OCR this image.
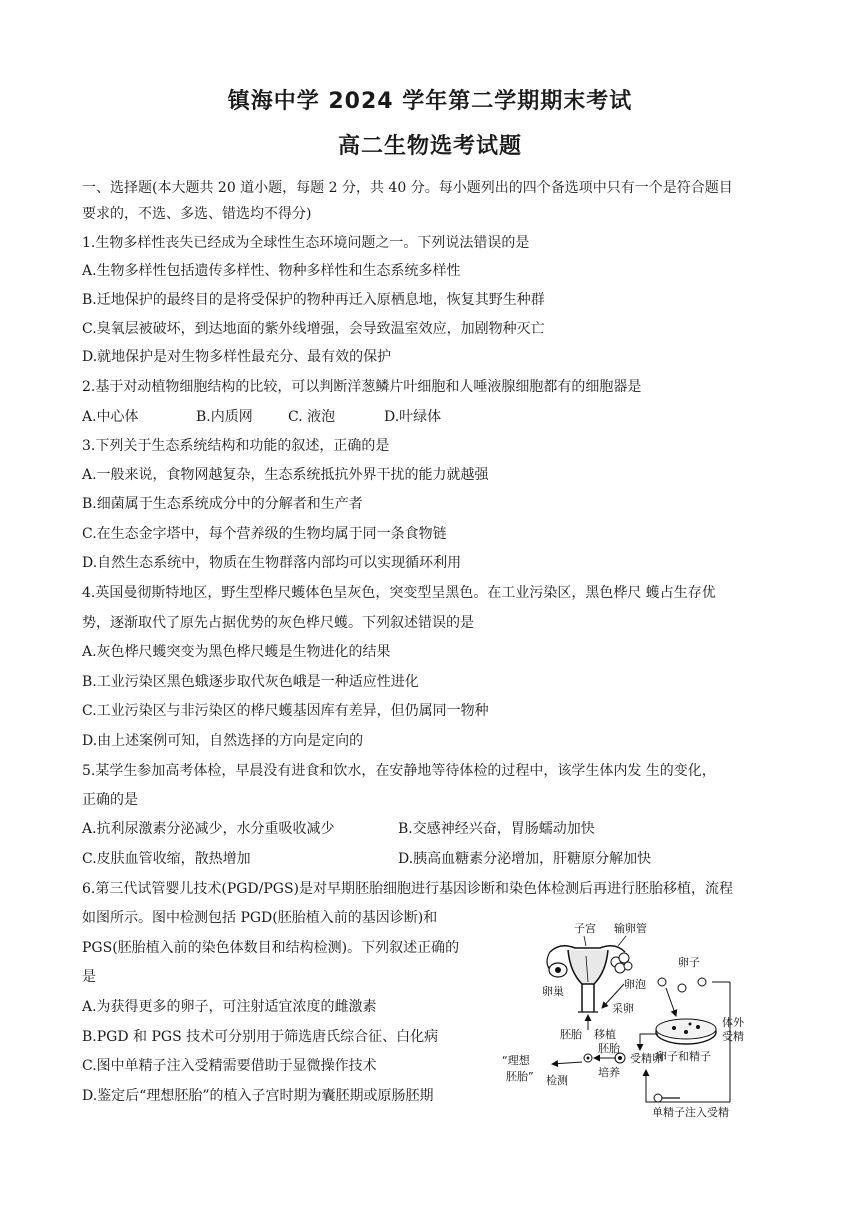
镇海中学 2024 学年第二学期期末考试
高二生物选考试题
一、选择题(本大题共 20 道小题，每题 2 分，共 40 分。每小题列出的四个备选项中只有一个是符合题目
要求的，不选、多选、错选均不得分)
1.生物多样性丧失已经成为全球性生态环境问题之一。下列说法错误的是
A.生物多样性包括遗传多样性、物种多样性和生态系统多样性
B.迁地保护的最终目的是将受保护的物种再迁入原栖息地，恢复其野生种群
C.臭氧层被破坏，到达地面的紫外线增强，会导致温室效应，加剧物种灭亡
D.就地保护是对生物多样性最充分、最有效的保护
2.基于对动植物细胞结构的比较，可以判断洋葱鳞片叶细胞和人唾液腺细胞都有的细胞器是
A.中心体	B.内质网	C. 液泡	D.叶绿体
3.下列关于生态系统结构和功能的叙述，正确的是
A.一般来说，食物网越复杂，生态系统抵抗外界干扰的能力就越强
B.细菌属于生态系统成分中的分解者和生产者
C.在生态金字塔中，每个营养级的生物均属于同一条食物链
D.自然生态系统中，物质在生物群落内部均可以实现循环利用
4.英国曼彻斯特地区，野生型桦尺蠖体色呈灰色，突变型呈黑色。在工业污染区，黑色桦尺 蠖占生存优
势，逐渐取代了原先占据优势的灰色桦尺蠖。下列叙述错误的是
A.灰色桦尺蠖突变为黑色桦尺蠖是生物进化的结果
B.工业污染区黑色蛾逐步取代灰色峨是一种适应性进化
C.工业污染区与非污染区的桦尺蠖基因库有差异，但仍属同一物种
D.由上述案例可知，自然选择的方向是定向的
5.某学生参加高考体检，早晨没有进食和饮水，在安静地等待体检的过程中，该学生体内发 生的变化，
正确的是
A.抗利尿激素分泌减少，水分重吸收减少	B.交感神经兴奋，胃肠蠕动加快
C.皮肤血管收缩，散热增加	D.胰高血糖素分泌增加，肝糖原分解加快
6.第三代试管婴儿技术(PGD/PGS)是对早期胚胎细胞进行基因诊断和染色体检测后再进行胚胎移植，流程
如图所示。图中检测包括 PGD(胚胎植入前的基因诊断)和
PGS(胚胎植入前的染色体数目和结构检测)。下列叙述正确的
是
A.为获得更多的卵子，可注射适宜浓度的雌激素
B.PGD 和 PGS 技术可分别用于筛选唐氏综合征、白化病
C.图中单精子注入受精需要借助于显微操作技术
D.鉴定后“理想胚胎”的植入子宫时期为囊胚期或原肠胚期
子宫 输卵管
卵巢
卵泡
卵子
采卵
胚胎 移植
体外
受精
卵子和精子
受精卵
胚胎
培养
“理想
胚胎” 检测
单精子注入受精
